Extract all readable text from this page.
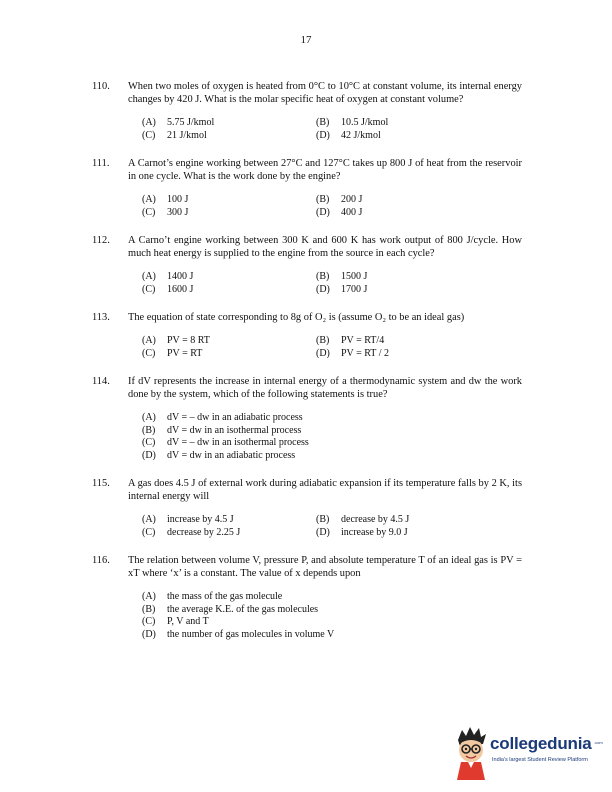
17
110. When two moles of oxygen is heated from 0°C to 10°C at constant volume, its internal energy changes by 420 J. What is the molar specific heat of oxygen at constant volume?
(A)	5.75 J/kmol	(B)	10.5 J/kmol
(C)	21 J/kmol	(D)	42 J/kmol
111. A Carnot’s engine working between 27°C and 127°C takes up 800 J of heat from the reservoir in one cycle. What is the work done by the engine?
(A)	100 J	(B)	200 J
(C)	300 J	(D)	400 J
112. A Carno’t engine working between 300 K and 600 K has work output of 800 J/cycle. How much heat energy is supplied to the engine from the source in each cycle?
(A)	1400 J	(B)	1500 J
(C)	1600 J	(D)	1700 J
113. The equation of state corresponding to 8g of O₂ is (assume O₂ to be an ideal gas)
(A)	PV = 8 RT	(B)	PV = RT/4
(C)	PV = RT	(D)	PV = RT / 2
114. If dV represents the increase in internal energy of a thermodynamic system and dw the work done by the system, which of the following statements is true?
(A)	dV = – dw in an adiabatic process
(B)	dV = dw in an isothermal process
(C)	dV = – dw in an isothermal process
(D)	dV = dw in an adiabatic process
115. A gas does 4.5 J of external work during adiabatic expansion if its temperature falls by 2 K, its internal energy will
(A)	increase by 4.5 J	(B)	decrease by 4.5 J
(C)	decrease by 2.25 J	(D)	increase by 9.0 J
116. The relation between volume V, pressure P, and absolute temperature T of an ideal gas is PV = xT where ‘x’ is a constant. The value of x depends upon
(A)	the mass of the gas molecule
(B)	the average K.E. of the gas molecules
(C)	P, V and T
(D)	the number of gas molecules in volume V
collegedunia .com
India's largest Student Review Platform
